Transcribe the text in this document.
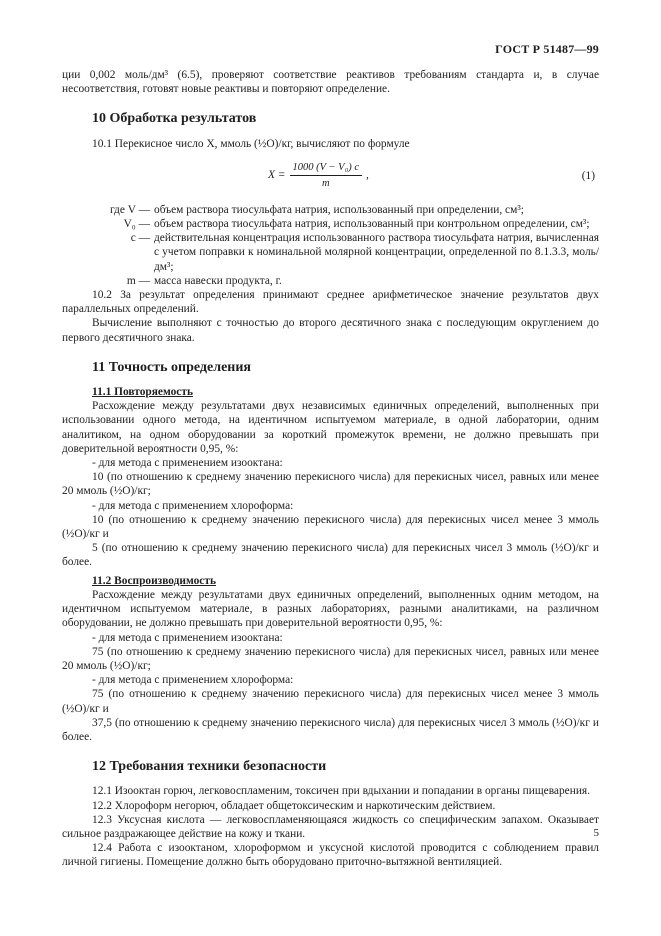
ГОСТ Р 51487—99

ции 0,002 моль/дм³ (6.5), проверяют соответствие реактивов требованиям стандарта и, в случае несоответствия, готовят новые реактивы и повторяют определение.

10 Обработка результатов

10.1 Перекисное число X, ммоль (½O)/кг, вычисляют по формуле

$X = \frac{\text{1000 (V − V₀) c}}{m}$ ,	(1)
где V — объем раствора тиосульфата натрия, использованный при определении, см³;
V₀ — объем раствора тиосульфата натрия, использованный при контрольном определении, см³;
c — действительная концентрация использованного раствора тиосульфата натрия, вычисленная с учетом поправки к номинальной молярной концентрации, определенной по 8.1.3.3, моль/дм³;
m — масса навески продукта, г.

10.2 За результат определения принимают среднее арифметическое значение результатов двух параллельных определений.

Вычисление выполняют с точностью до второго десятичного знака с последующим округлением до первого десятичного знака.

11 Точность определения
11.1 Повторяемость

Расхождение между результатами двух независимых единичных определений, выполненных при использовании одного метода, на идентичном испытуемом материале, в одной лаборатории, одним аналитиком, на одном оборудовании за короткий промежуток времени, не должно превышать при доверительной вероятности 0,95, %:

- для метода с применением изооктана:

10 (по отношению к среднему значению перекисного числа) для перекисных чисел, равных или менее 20 ммоль (½O)/кг;

- для метода с применением хлороформа:

10 (по отношению к среднему значению перекисного числа) для перекисных чисел менее 3 ммоль (½O)/кг и

5 (по отношению к среднему значению перекисного числа) для перекисных чисел 3 ммоль (½O)/кг и более.

11.2 Воспроизводимость

Расхождение между результатами двух единичных определений, выполненных одним методом, на идентичном испытуемом материале, в разных лабораториях, разными аналитиками, на различном оборудовании, не должно превышать при доверительной вероятности 0,95, %:

- для метода с применением изооктана:

75 (по отношению к среднему значению перекисного числа) для перекисных чисел, равных или менее 20 ммоль (½O)/кг;

- для метода с применением хлороформа:

75 (по отношению к среднему значению перекисного числа) для перекисных чисел менее 3 ммоль (½O)/кг и

37,5 (по отношению к среднему значению перекисного числа) для перекисных чисел 3 ммоль (½O)/кг и более.

12 Требования техники безопасности

12.1 Изооктан горюч, легковоспламеним, токсичен при вдыхании и попадании в органы пищеварения.

12.2 Хлороформ негорюч, обладает общетоксическим и наркотическим действием.

12.3 Уксусная кислота — легковоспламеняющаяся жидкость со специфическим запахом. Оказывает сильное раздражающее действие на кожу и ткани.

12.4 Работа с изооктаном, хлороформом и уксусной кислотой проводится с соблюдением правил личной гигиены. Помещение должно быть оборудовано приточно-вытяжной вентиляцией.

5
